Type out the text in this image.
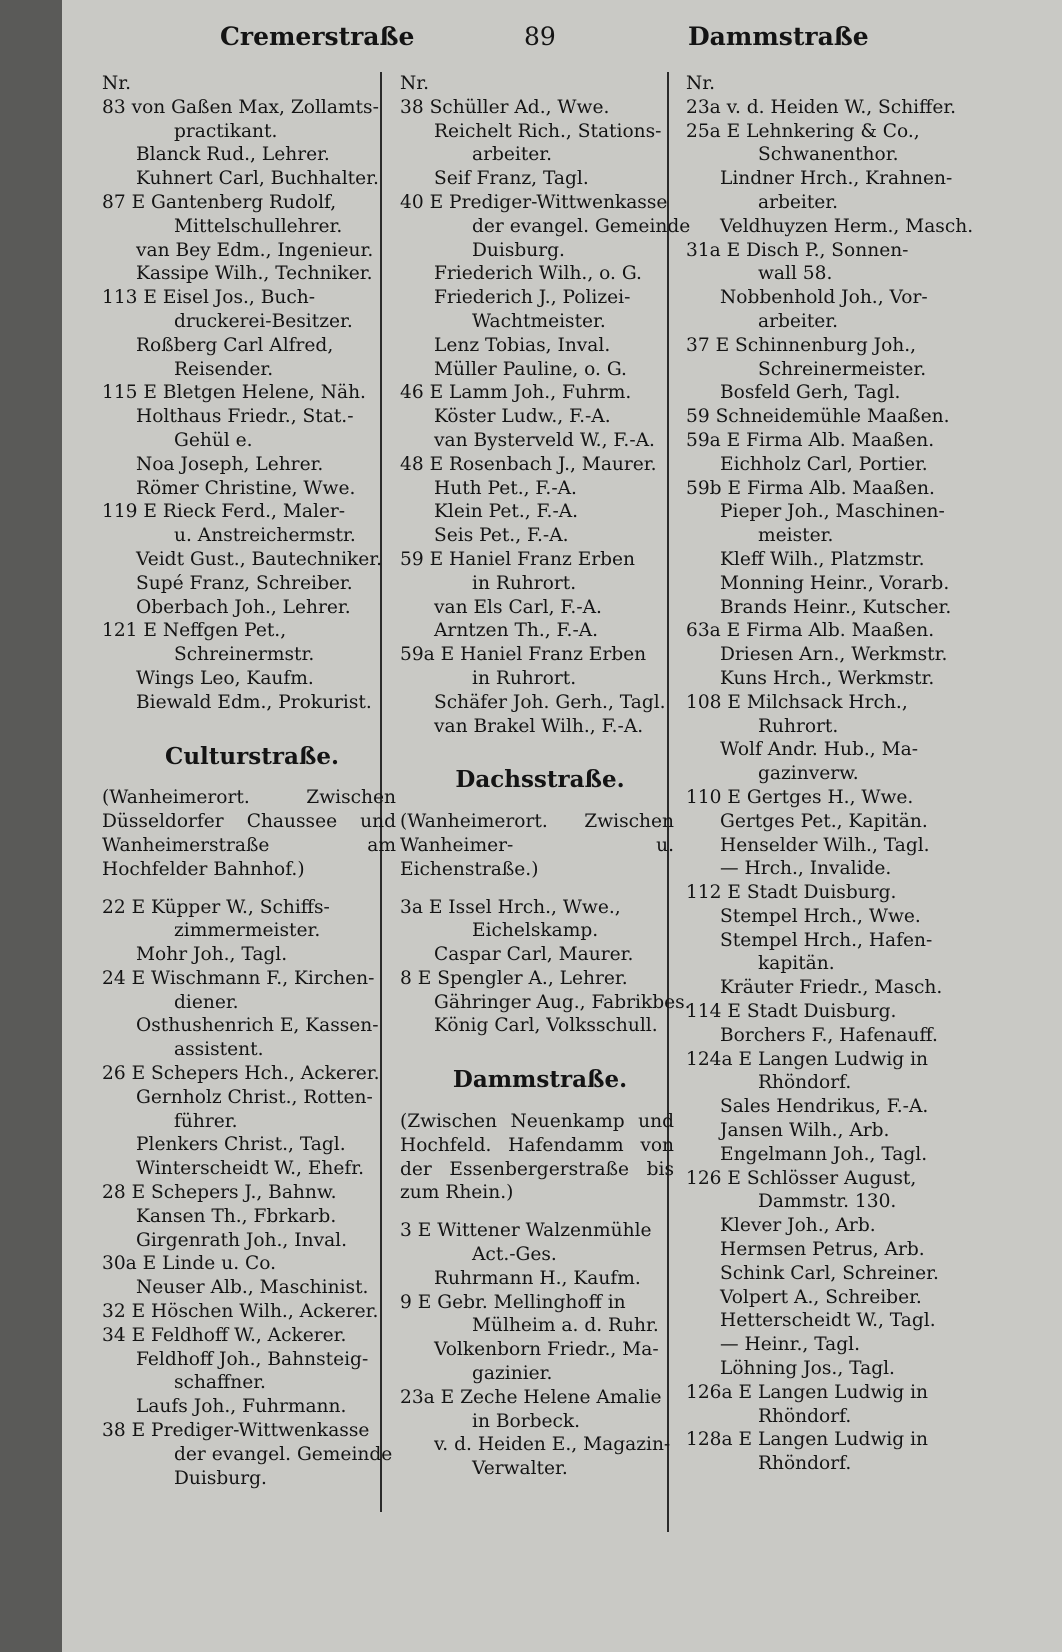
Cremerstraße	89	Dammstraße
Nr.
83 von Gaßen Max, Zollamts-
practikant.
Blanck Rud., Lehrer.
Kuhnert Carl, Buchhalter.
87 E Gantenberg Rudolf,
Mittelschullehrer.
van Bey Edm., Ingenieur.
Kassipe Wilh., Techniker.
113 E Eisel Jos., Buch-
druckerei-Besitzer.
Roßberg Carl Alfred,
Reisender.
115 E Bletgen Helene, Näh.
Holthaus Friedr., Stat.-
Gehül e.
Noa Joseph, Lehrer.
Römer Christine, Wwe.
119 E Rieck Ferd., Maler-
u. Anstreichermstr.
Veidt Gust., Bautechniker.
Supé Franz, Schreiber.
Oberbach Joh., Lehrer.
121 E Neffgen Pet.,
Schreinermstr.
Wings Leo, Kaufm.
Biewald Edm., Prokurist.
Culturstraße.
(Wanheimerort. Zwischen Düsseldorfer Chaussee und Wanheimerstraße am Hochfelder Bahnhof.)
22 E Küpper W., Schiffs-
zimmermeister.
Mohr Joh., Tagl.
24 E Wischmann F., Kirchen-
diener.
Osthushenrich E, Kassen-
assistent.
26 E Schepers Hch., Ackerer.
Gernholz Christ., Rotten-
führer.
Plenkers Christ., Tagl.
Winterscheidt W., Ehefr.
28 E Schepers J., Bahnw.
Kansen Th., Fbrkarb.
Girgenrath Joh., Inval.
30a E Linde u. Co.
Neuser Alb., Maschinist.
32 E Höschen Wilh., Ackerer.
34 E Feldhoff W., Ackerer.
Feldhoff Joh., Bahnsteig-
schaffner.
Laufs Joh., Fuhrmann.
38 E Prediger-Wittwenkasse
der evangel. Gemeinde
Duisburg.
Nr.
38 Schüller Ad., Wwe.
Reichelt Rich., Stations-
arbeiter.
Seif Franz, Tagl.
40 E Prediger-Wittwenkasse
der evangel. Gemeinde
Duisburg.
Friederich Wilh., o. G.
Friederich J., Polizei-
Wachtmeister.
Lenz Tobias, Inval.
Müller Pauline, o. G.
46 E Lamm Joh., Fuhrm.
Köster Ludw., F.-A.
van Bysterveld W., F.-A.
48 E Rosenbach J., Maurer.
Huth Pet., F.-A.
Klein Pet., F.-A.
Seis Pet., F.-A.
59 E Haniel Franz Erben
in Ruhrort.
van Els Carl, F.-A.
Arntzen Th., F.-A.
59a E Haniel Franz Erben
in Ruhrort.
Schäfer Joh. Gerh., Tagl.
van Brakel Wilh., F.-A.
Dachsstraße.
(Wanheimerort. Zwischen Wanheimer- u. Eichenstraße.)
3a E Issel Hrch., Wwe.,
Eichelskamp.
Caspar Carl, Maurer.
8 E Spengler A., Lehrer.
Gähringer Aug., Fabrikbes.
König Carl, Volksschull.
Dammstraße.
(Zwischen Neuenkamp und Hochfeld. Hafendamm von der Essenbergerstraße bis zum Rhein.)
3 E Wittener Walzenmühle
Act.-Ges.
Ruhrmann H., Kaufm.
9 E Gebr. Mellinghoff in
Mülheim a. d. Ruhr.
Volkenborn Friedr., Ma-
gazinier.
23a E Zeche Helene Amalie
in Borbeck.
v. d. Heiden E., Magazin-
Verwalter.
Nr.
23a v. d. Heiden W., Schiffer.
25a E Lehnkering & Co.,
Schwanenthor.
Lindner Hrch., Krahnen-
arbeiter.
Veldhuyzen Herm., Masch.
31a E Disch P., Sonnen-
wall 58.
Nobbenhold Joh., Vor-
arbeiter.
37 E Schinnenburg Joh.,
Schreinermeister.
Bosfeld Gerh, Tagl.
59 Schneidemühle Maaßen.
59a E Firma Alb. Maaßen.
Eichholz Carl, Portier.
59b E Firma Alb. Maaßen.
Pieper Joh., Maschinen-
meister.
Kleff Wilh., Platzmstr.
Monning Heinr., Vorarb.
Brands Heinr., Kutscher.
63a E Firma Alb. Maaßen.
Driesen Arn., Werkmstr.
Kuns Hrch., Werkmstr.
108 E Milchsack Hrch.,
Ruhrort.
Wolf Andr. Hub., Ma-
gazinverw.
110 E Gertges H., Wwe.
Gertges Pet., Kapitän.
Henselder Wilh., Tagl.
— Hrch., Invalide.
112 E Stadt Duisburg.
Stempel Hrch., Wwe.
Stempel Hrch., Hafen-
kapitän.
Kräuter Friedr., Masch.
114 E Stadt Duisburg.
Borchers F., Hafenauff.
124a E Langen Ludwig in
Rhöndorf.
Sales Hendrikus, F.-A.
Jansen Wilh., Arb.
Engelmann Joh., Tagl.
126 E Schlösser August,
Dammstr. 130.
Klever Joh., Arb.
Hermsen Petrus, Arb.
Schink Carl, Schreiner.
Volpert A., Schreiber.
Hetterscheidt W., Tagl.
— Heinr., Tagl.
Löhning Jos., Tagl.
126a E Langen Ludwig in
Rhöndorf.
128a E Langen Ludwig in
Rhöndorf.
